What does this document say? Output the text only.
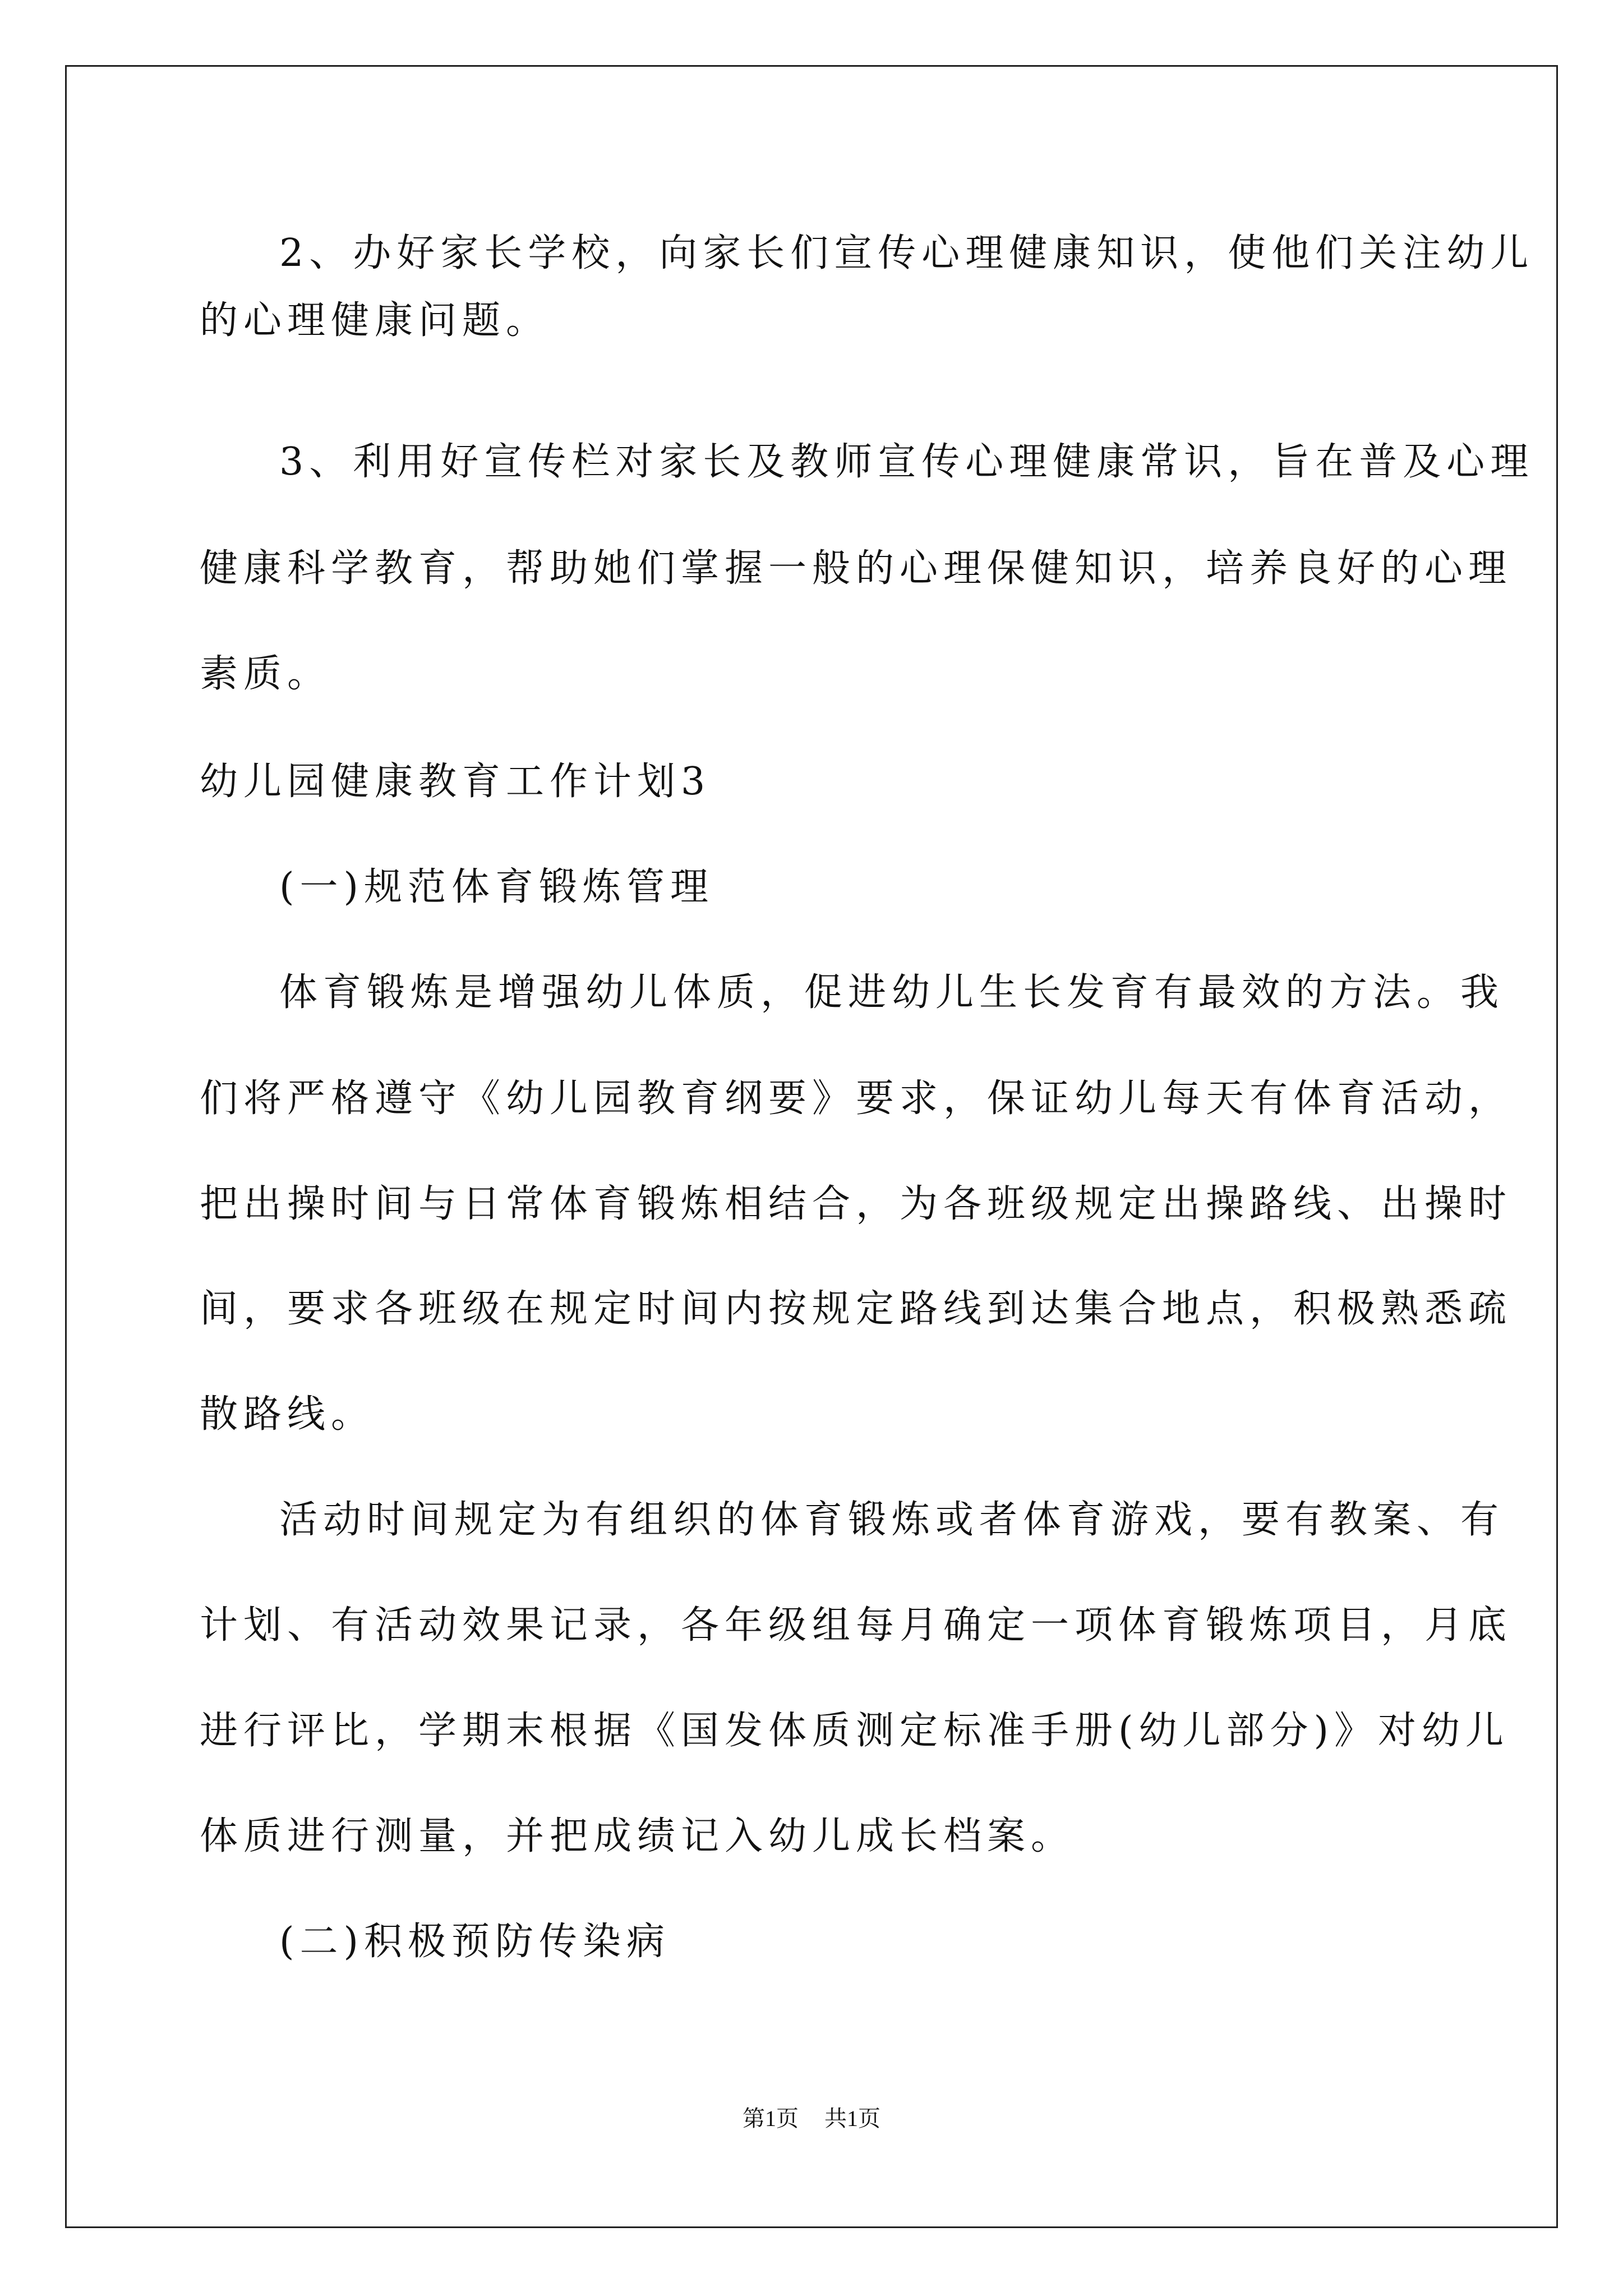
2、办好家长学校，向家长们宣传心理健康知识，使他们关注幼儿
的心理健康问题。
3、利用好宣传栏对家长及教师宣传心理健康常识，旨在普及心理
健康科学教育，帮助她们掌握一般的心理保健知识，培养良好的心理
素质。
幼儿园健康教育工作计划3
(一)规范体育锻炼管理
体育锻炼是增强幼儿体质，促进幼儿生长发育有最效的方法。我
们将严格遵守《幼儿园教育纲要》要求，保证幼儿每天有体育活动，
把出操时间与日常体育锻炼相结合，为各班级规定出操路线、出操时
间，要求各班级在规定时间内按规定路线到达集合地点，积极熟悉疏
散路线。
活动时间规定为有组织的体育锻炼或者体育游戏，要有教案、有
计划、有活动效果记录，各年级组每月确定一项体育锻炼项目，月底
进行评比，学期末根据《国发体质测定标准手册(幼儿部分)》对幼儿
体质进行测量，并把成绩记入幼儿成长档案。
(二)积极预防传染病
第1页 共1页
